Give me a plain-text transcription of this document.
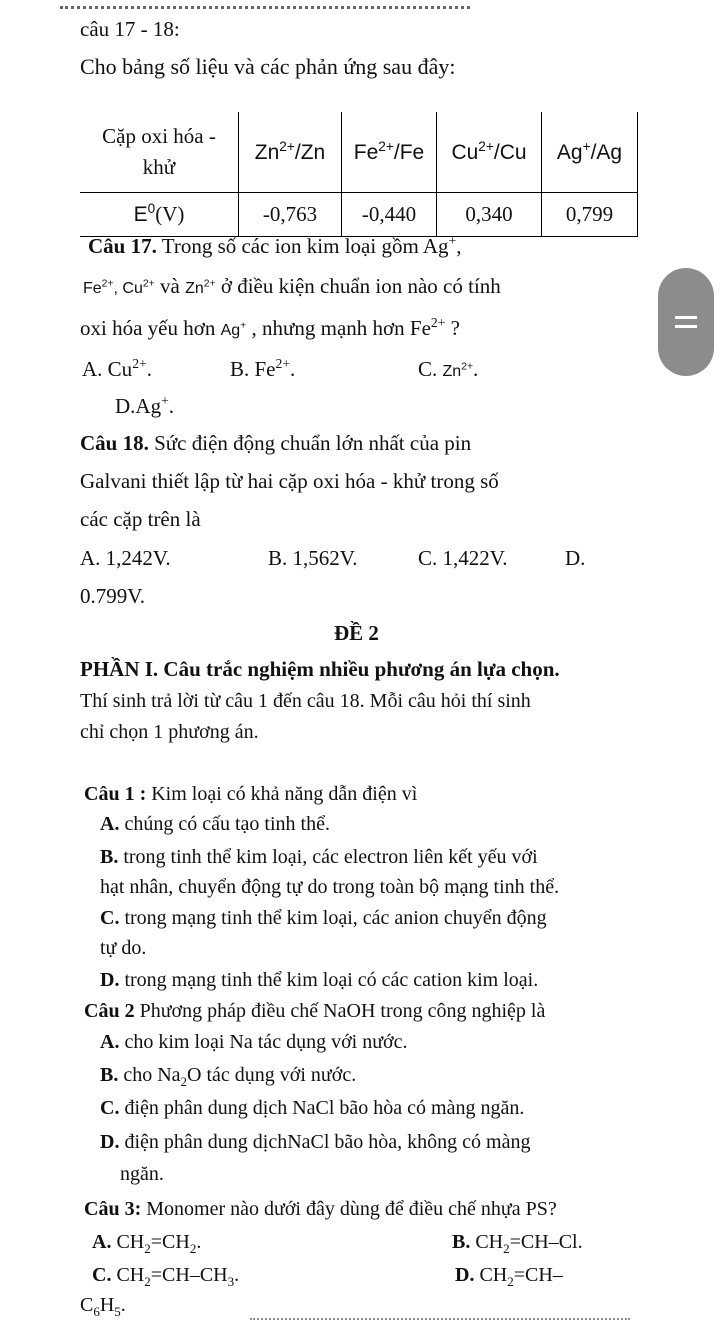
câu 17 - 18:
Cho bảng số liệu và các phản ứng sau đây:
Cặp oxi hóa -
khử	$Zn^{2+}/Zn$	$Fe^{2+}/Fe$	$Cu^{2+}/Cu$	Ag+/Ag
$E^0(V)$	-0,763	-0,440	0,340	0,799
Câu 17. Trong số các ion kim loại gồm Ag+,
$Fe^{2+}$, $Cu^{2+}$ và $Zn^{2+}$ ở điều kiện chuẩn ion nào có tính
oxi hóa yếu hơn Ag+ , nhưng mạnh hơn $Fe^{2+}$ ?
A. $Cu^{2+}$.	B. $Fe^{2+}$.	C. $Zn^{2+}$.
D.Ag+.
Câu 18. Sức điện động chuẩn lớn nhất của pin
Galvani thiết lập từ hai cặp oxi hóa - khử trong số
các cặp trên là
A. 1,242V.	B. 1,562V.	C. 1,422V.	D.
0.799V.
ĐỀ 2
PHẦN I. Câu trắc nghiệm nhiều phương án lựa chọn.
Thí sinh trả lời từ câu 1 đến câu 18. Mỗi câu hỏi thí sinh
chỉ chọn 1 phương án.
Câu 1 : Kim loại có khả năng dẫn điện vì
A. chúng có cấu tạo tinh thể.
B. trong tinh thể kim loại, các electron liên kết yếu với
hạt nhân, chuyển động tự do trong toàn bộ mạng tinh thể.
C. trong mạng tinh thể kim loại, các anion chuyển động
tự do.
D. trong mạng tinh thể kim loại có các cation kim loại.
Câu 2 Phương pháp điều chế NaOH trong công nghiệp là
A. cho kim loại Na tác dụng với nước.
B. cho $Na_2O$ tác dụng với nước.
C. điện phân dung dịch NaCl bão hòa có màng ngăn.
D. điện phân dung dịchNaCl bão hòa, không có màng
ngăn.
Câu 3: Monomer nào dưới đây dùng để điều chế nhựa PS?
A. $CH_2=CH_2$.	B. $CH_2=CH-Cl$.
C. $CH_2=CH-CH_3$.	D. $CH_2=CH-$
$C_6H_5$.
